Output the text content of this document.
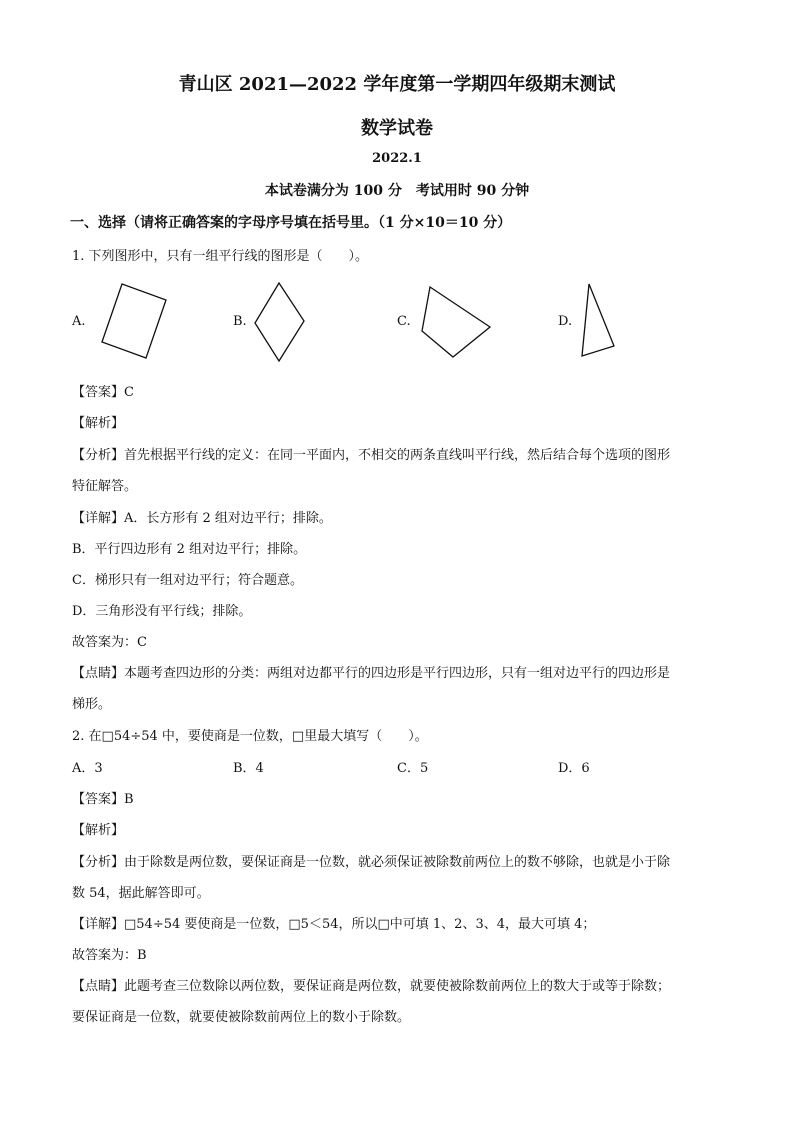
青山区 2021—2022 学年度第一学期四年级期末测试
数学试卷
2022.1
本试卷满分为 100 分　考试用时 90 分钟
一、选择（请将正确答案的字母序号填在括号里。（1 分×10＝10 分）
1. 下列图形中，只有一组平行线的图形是（　　）。
A.	B.	C.	D.
【答案】C
【解析】
【分析】首先根据平行线的定义：在同一平面内，不相交的两条直线叫平行线，然后结合每个选项的图形
特征解答。
【详解】A．长方形有 2 组对边平行；排除。
B．平行四边形有 2 组对边平行；排除。
C．梯形只有一组对边平行；符合题意。
D．三角形没有平行线；排除。
故答案为：C
【点睛】本题考查四边形的分类：两组对边都平行的四边形是平行四边形，只有一组对边平行的四边形是
梯形。
2. 在□54÷54 中，要使商是一位数，□里最大填写（　　）。
A．3	B．4	C．5	D．6
【答案】B
【解析】
【分析】由于除数是两位数，要保证商是一位数，就必须保证被除数前两位上的数不够除，也就是小于除
数 54，据此解答即可。
【详解】□54÷54 要使商是一位数，□5＜54，所以□中可填 1、2、3、4，最大可填 4；
故答案为：B
【点睛】此题考查三位数除以两位数，要保证商是两位数，就要使被除数前两位上的数大于或等于除数；
要保证商是一位数，就要使被除数前两位上的数小于除数。
